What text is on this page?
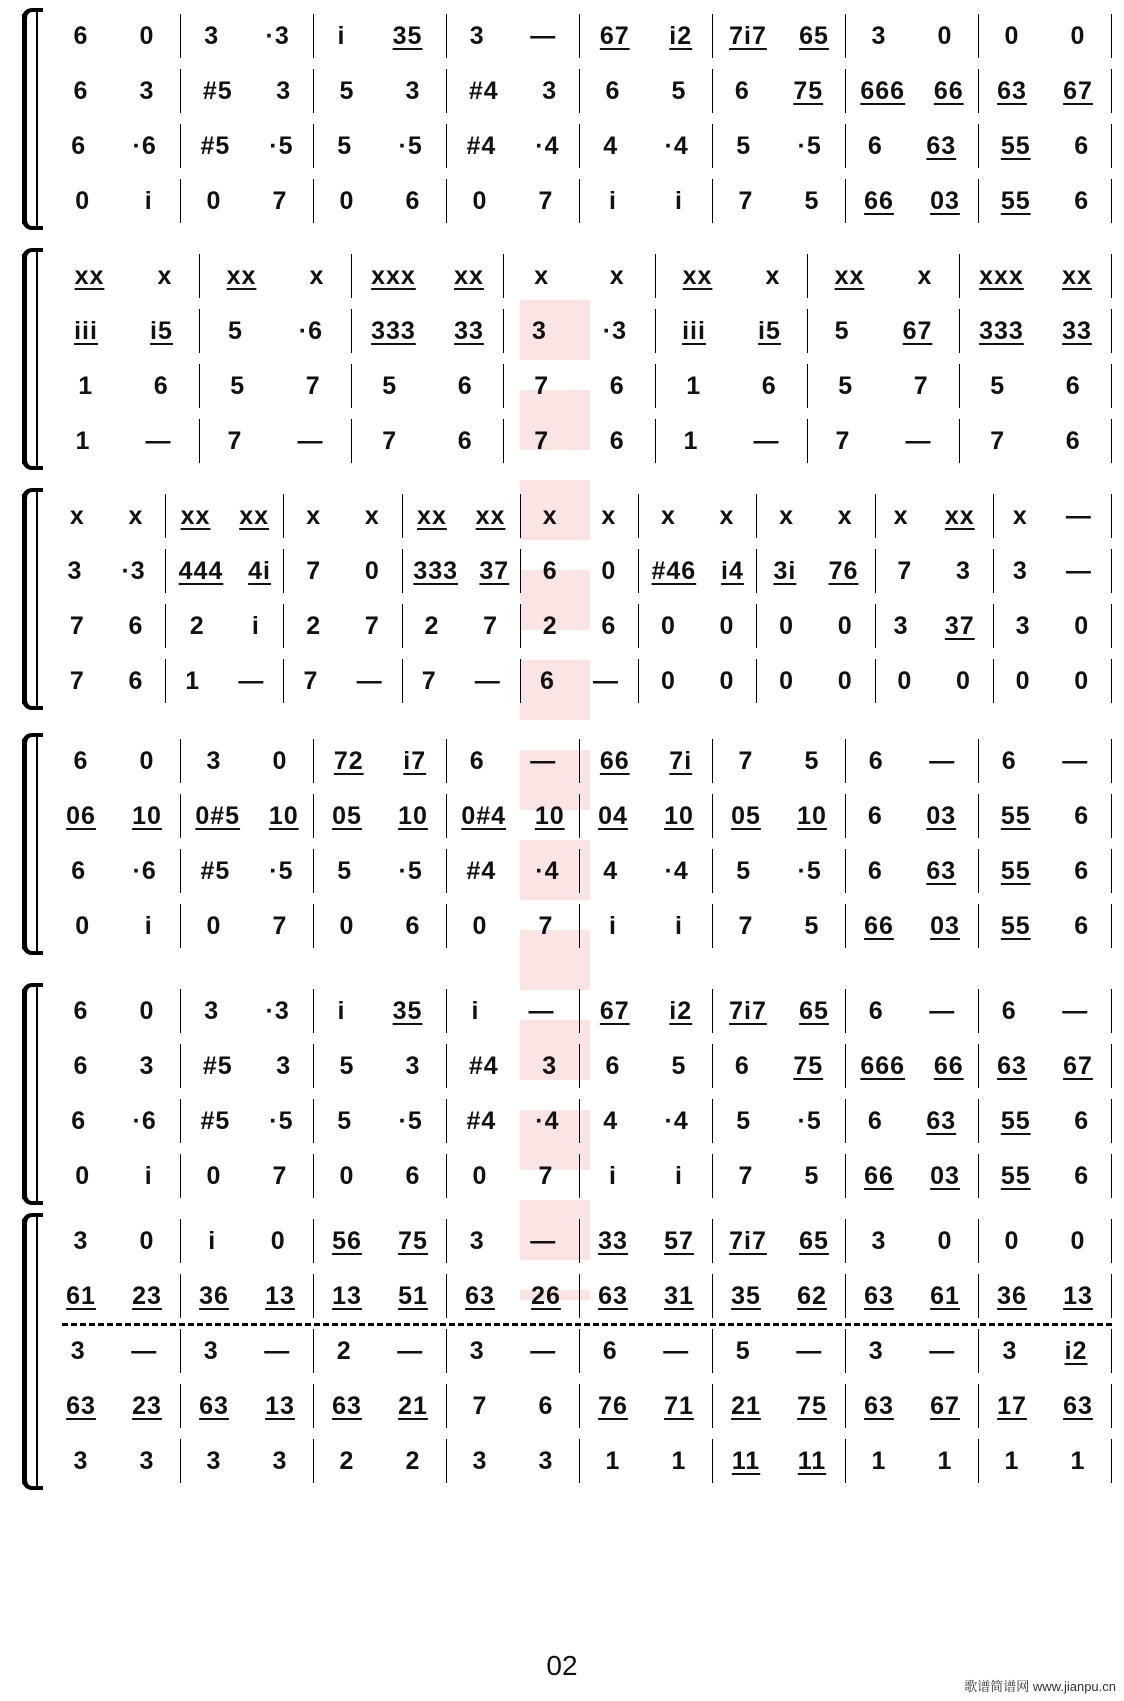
6 0 3 ·3 i 35 3 — 67 i2 7i7 65 3 0 0 0
6 3 #5 3 5 3 #4 3 6 5 6 75 666 66 63 67
6 ·6 #5 ·5 5 ·5 #4 ·4 4 ·4 5 ·5 6 63 55 6
0 i 0 7 0 6 0 7 i i 7 5 66 03 55 6
xx x xx x xxx xx x x xx x xx x xxx xx
iii i5 5 ·6 333 33 3 ·3 iii i5 5 67 333 33
1 6 5 7 5 6 7 6 1 6 5 7 5 6
1 — 7 — 7 6 7 6 1 — 7 — 7 6
x x xx xx x x xx xx x x x x x x x xx x —
3 ·3 444 4i 7 0 333 37 6 0 #46 i4 3i 76 7 3 3 —
7 6 2 i 2 7 2 7 2 6 0 0 0 0 3 37 3 0
7 6 1 — 7 — 7 — 6 — 0 0 0 0 0 0 0 0
6 0 3 0 72 i7 6 — 66 7i 7 5 6 — 6 —
06 10 0#5 10 05 10 0#4 10 04 10 05 10 6 03 55 6
6 ·6 #5 ·5 5 ·5 #4 ·4 4 ·4 5 ·5 6 63 55 6
0 i 0 7 0 6 0 7 i i 7 5 66 03 55 6
6 0 3 ·3 i 35 i — 67 i2 7i7 65 6 — 6 —
6 3 #5 3 5 3 #4 3 6 5 6 75 666 66 63 67
6 ·6 #5 ·5 5 ·5 #4 ·4 4 ·4 5 ·5 6 63 55 6
0 i 0 7 0 6 0 7 i i 7 5 66 03 55 6
3 0 i 0 56 75 3 — 33 57 7i7 65 3 0 0 0
61 23 36 13 13 51 63 26 63 31 35 62 63 61 36 13
3 — 3 — 2 — 3 — 6 — 5 — 3 — 3 i2
63 23 63 13 63 21 7 6 76 71 21 75 63 67 17 63
3 3 3 3 2 2 3 3 1 1 11 11 1 1 1 1
02
歌谱简谱网 www.jianpu.cn
